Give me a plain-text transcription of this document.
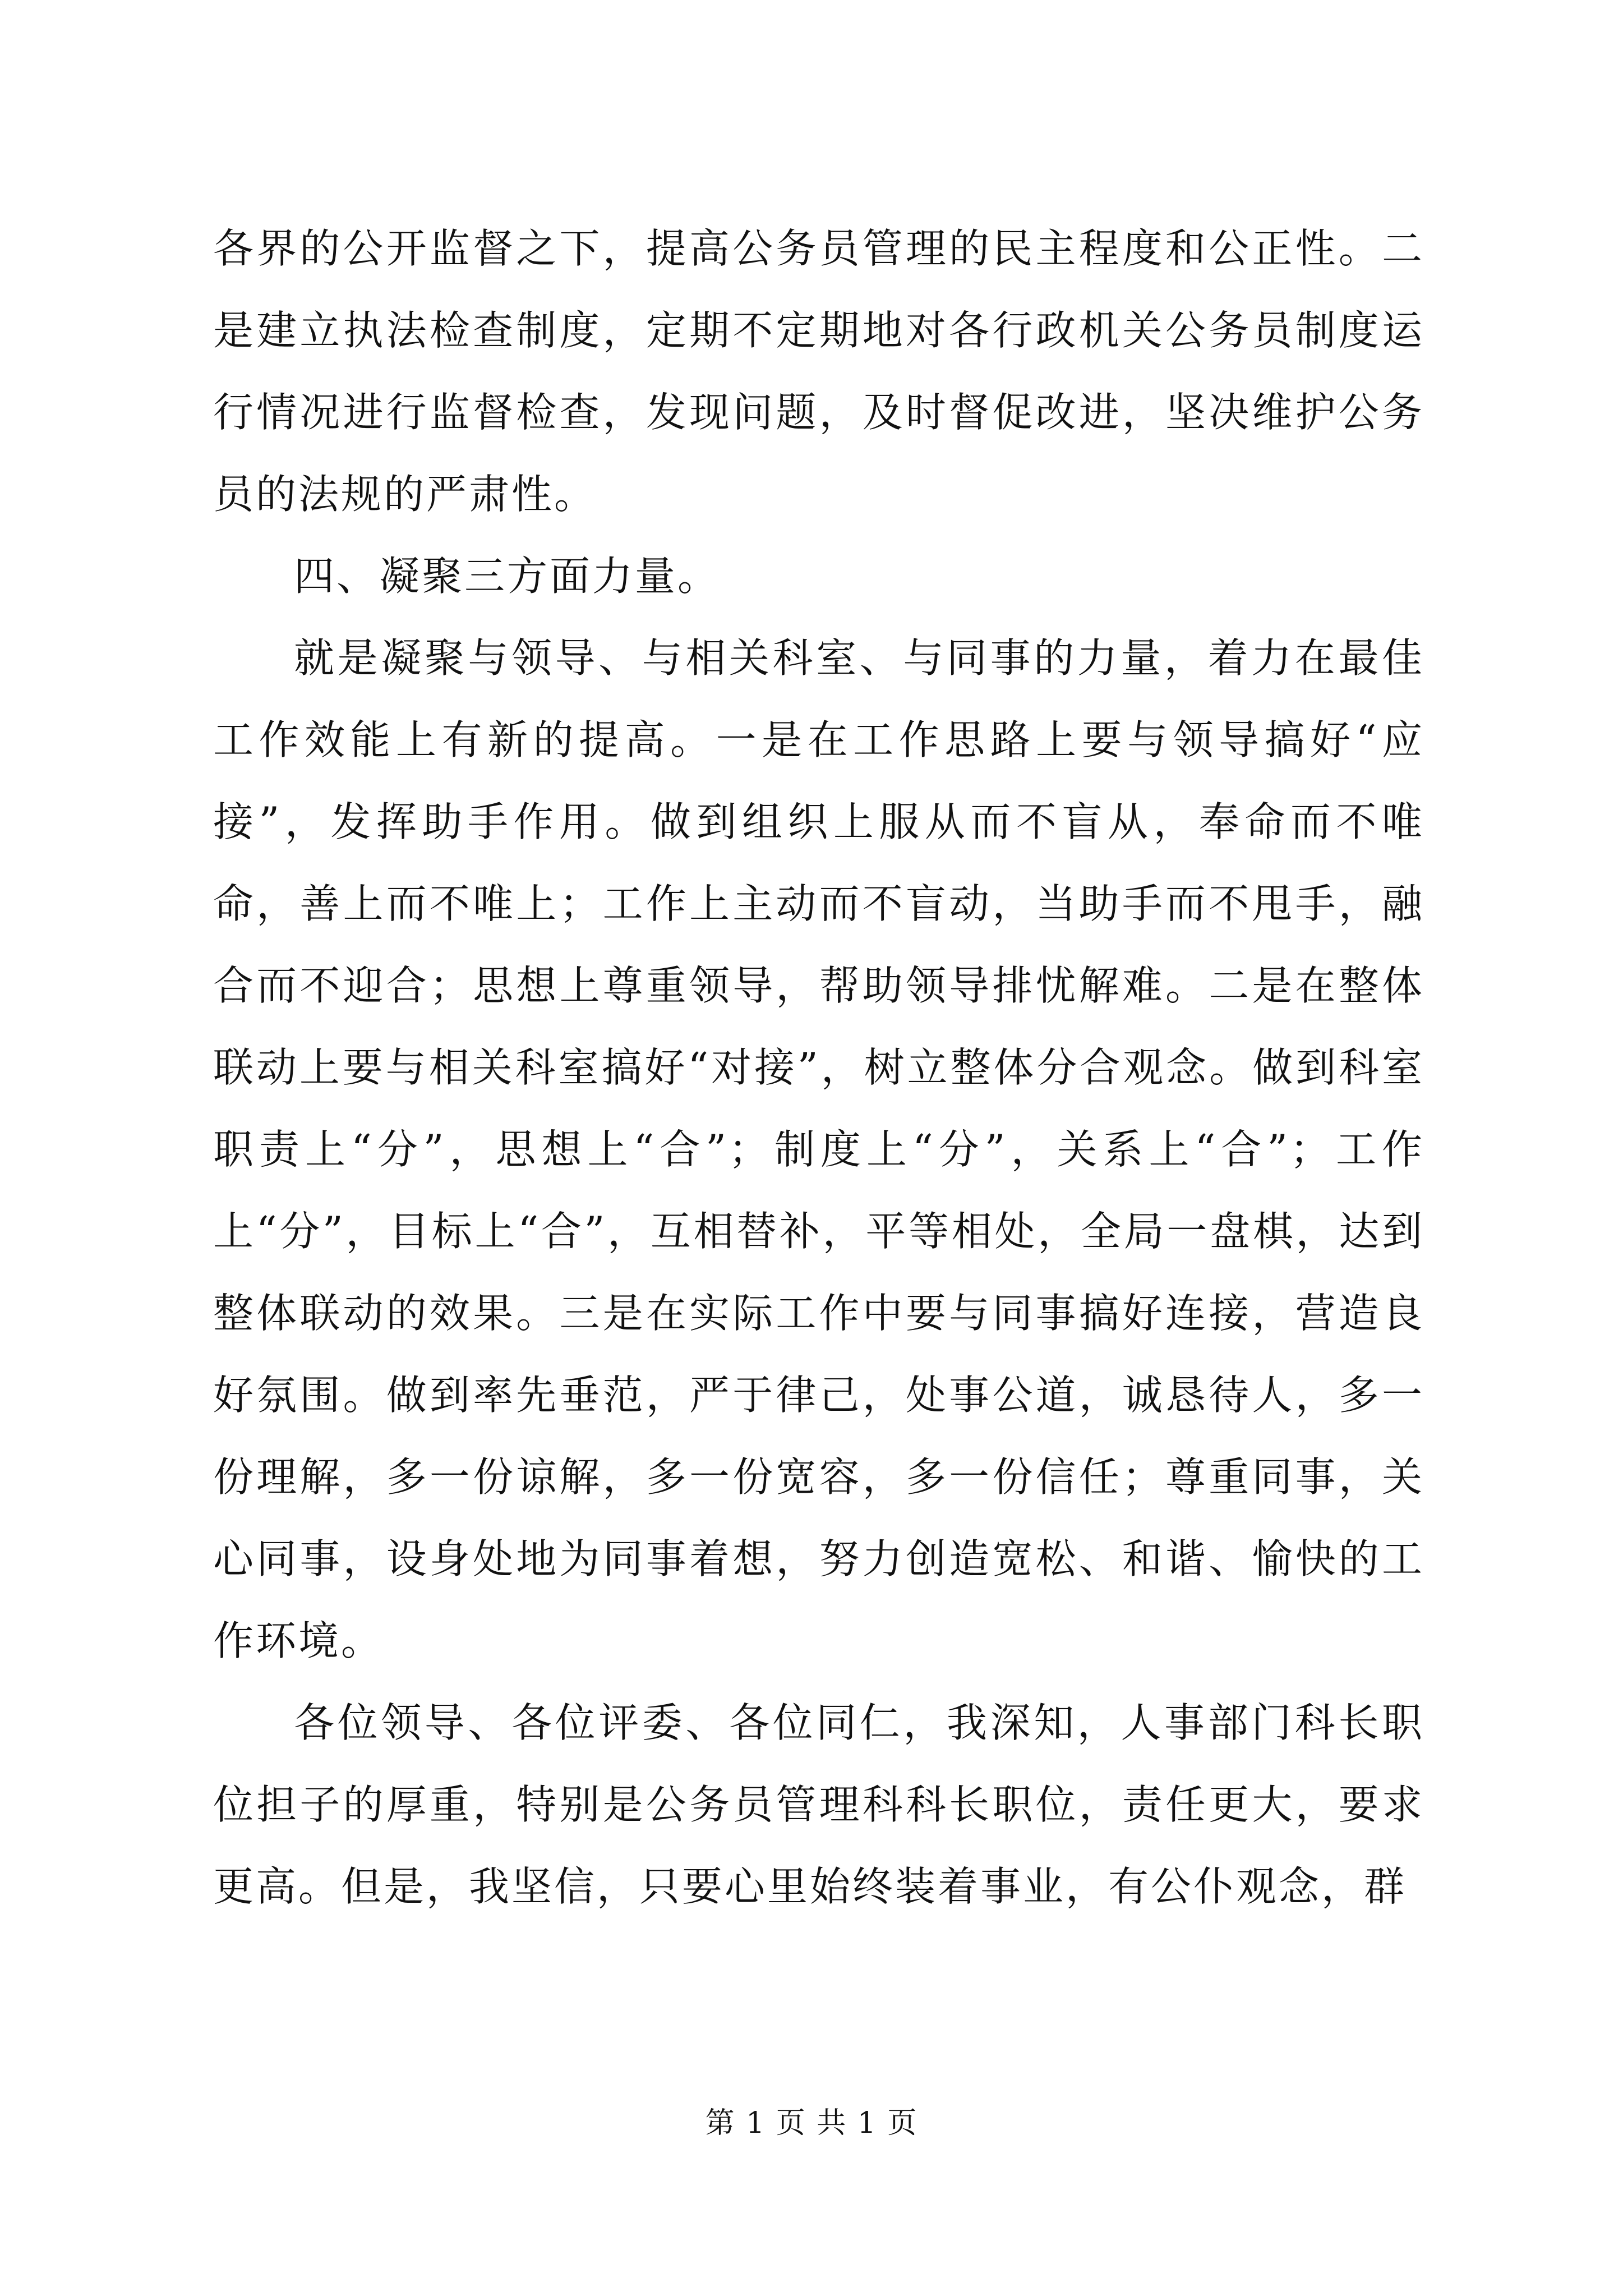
各界的公开监督之下，提高公务员管理的民主程度和公正性。二是建立执法检查制度，定期不定期地对各行政机关公务员制度运行情况进行监督检查，发现问题，及时督促改进，坚决维护公务员的法规的严肃性。

四、凝聚三方面力量。

就是凝聚与领导、与相关科室、与同事的力量，着力在最佳工作效能上有新的提高。一是在工作思路上要与领导搞好“应接”，发挥助手作用。做到组织上服从而不盲从，奉命而不唯命，善上而不唯上；工作上主动而不盲动，当助手而不甩手，融合而不迎合；思想上尊重领导，帮助领导排忧解难。二是在整体联动上要与相关科室搞好“对接”，树立整体分合观念。做到科室职责上“分”，思想上“合”；制度上“分”，关系上“合”；工作上“分”，目标上“合”，互相替补，平等相处，全局一盘棋，达到整体联动的效果。三是在实际工作中要与同事搞好连接，营造良好氛围。做到率先垂范，严于律己，处事公道，诚恳待人，多一份理解，多一份谅解，多一份宽容，多一份信任；尊重同事，关心同事，设身处地为同事着想，努力创造宽松、和谐、愉快的工作环境。

各位领导、各位评委、各位同仁，我深知，人事部门科长职位担子的厚重，特别是公务员管理科科长职位，责任更大，要求更高。但是，我坚信，只要心里始终装着事业，有公仆观念，群

第 1 页 共 1 页
